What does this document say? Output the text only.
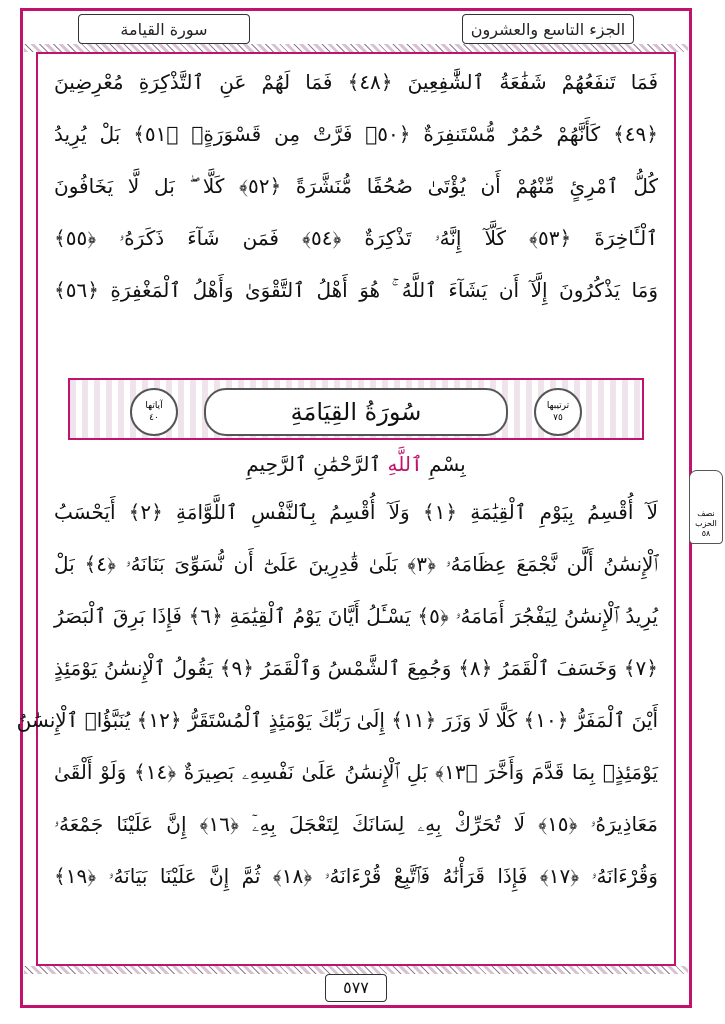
سورة القيامة	الجزء التاسع والعشرون
فَمَا تَنفَعُهُمْ شَفَٰعَةُ ٱلشَّٰفِعِينَ ﴿٤٨﴾ فَمَا لَهُمْ عَنِ ٱلتَّذْكِرَةِ مُعْرِضِينَ
﴿٤٩﴾ كَأَنَّهُمْ حُمُرٌ مُّسْتَنفِرَةٌ ﴿٥٠﴾ فَرَّتْ مِن قَسْوَرَةٍۭ ﴿٥١﴾ بَلْ يُرِيدُ
كُلُّ ٱمْرِئٍ مِّنْهُمْ أَن يُؤْتَىٰ صُحُفًا مُّنَشَّرَةً ﴿٥٢﴾ كَلَّا ۖ بَل لَّا يَخَافُونَ
ٱلْـَٔاخِرَةَ ﴿٥٣﴾ كَلَّآ إِنَّهُۥ تَذْكِرَةٌ ﴿٥٤﴾ فَمَن شَآءَ ذَكَرَهُۥ ﴿٥٥﴾
وَمَا يَذْكُرُونَ إِلَّآ أَن يَشَآءَ ٱللَّهُ ۚ هُوَ أَهْلُ ٱلتَّقْوَىٰ وَأَهْلُ ٱلْمَغْفِرَةِ ﴿٥٦﴾
لَآ أُقْسِمُ بِيَوْمِ ٱلْقِيَٰمَةِ ﴿١﴾ وَلَآ أُقْسِمُ بِٱلنَّفْسِ ٱللَّوَّامَةِ ﴿٢﴾ أَيَحْسَبُ
ٱلْإِنسَٰنُ أَلَّن نَّجْمَعَ عِظَامَهُۥ ﴿٣﴾ بَلَىٰ قَٰدِرِينَ عَلَىٰٓ أَن نُّسَوِّىَ بَنَانَهُۥ ﴿٤﴾ بَلْ
يُرِيدُ ٱلْإِنسَٰنُ لِيَفْجُرَ أَمَامَهُۥ ﴿٥﴾ يَسْـَٔلُ أَيَّانَ يَوْمُ ٱلْقِيَٰمَةِ ﴿٦﴾ فَإِذَا بَرِقَ ٱلْبَصَرُ
﴿٧﴾ وَخَسَفَ ٱلْقَمَرُ ﴿٨﴾ وَجُمِعَ ٱلشَّمْسُ وَٱلْقَمَرُ ﴿٩﴾ يَقُولُ ٱلْإِنسَٰنُ يَوْمَئِذٍ
أَيْنَ ٱلْمَفَرُّ ﴿١٠﴾ كَلَّا لَا وَزَرَ ﴿١١﴾ إِلَىٰ رَبِّكَ يَوْمَئِذٍ ٱلْمُسْتَقَرُّ ﴿١٢﴾ يُنَبَّؤُا۟ ٱلْإِنسَٰنُ
يَوْمَئِذٍۭ بِمَا قَدَّمَ وَأَخَّرَ ﴿١٣﴾ بَلِ ٱلْإِنسَٰنُ عَلَىٰ نَفْسِهِۦ بَصِيرَةٌ ﴿١٤﴾ وَلَوْ أَلْقَىٰ
مَعَاذِيرَهُۥ ﴿١٥﴾ لَا تُحَرِّكْ بِهِۦ لِسَانَكَ لِتَعْجَلَ بِهِۦٓ ﴿١٦﴾ إِنَّ عَلَيْنَا جَمْعَهُۥ
وَقُرْءَانَهُۥ ﴿١٧﴾ فَإِذَا قَرَأْنَٰهُ فَٱتَّبِعْ قُرْءَانَهُۥ ﴿١٨﴾ ثُمَّ إِنَّ عَلَيْنَا بَيَانَهُۥ ﴿١٩﴾
ترتيبها
٧٥
سُورَةُ القِيَامَةِ
آياتها
٤٠
بِسْمِ ٱللَّهِ ٱلرَّحْمَٰنِ ٱلرَّحِيمِ
٥٧٧
نصف
الحزب
٥٨
